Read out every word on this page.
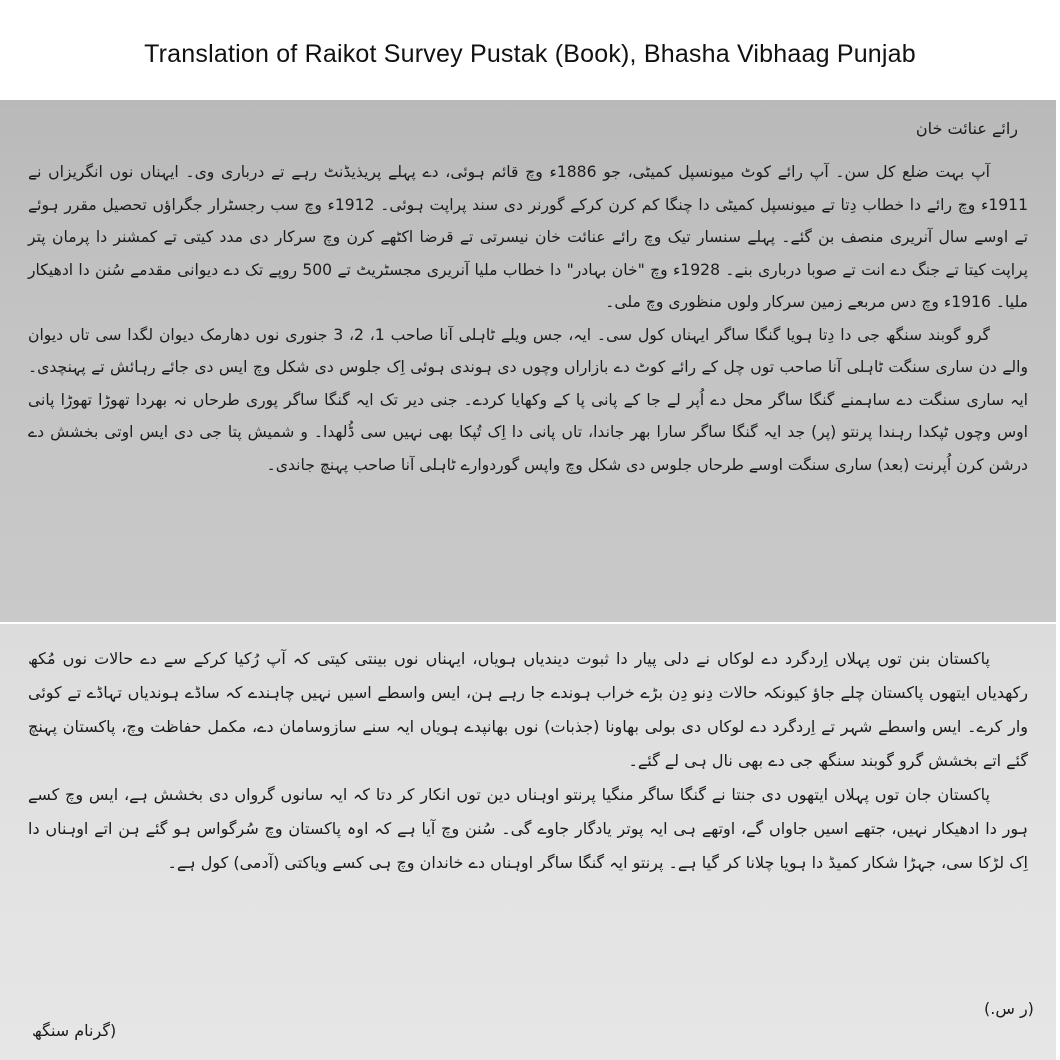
Translation of Raikot Survey Pustak (Book), Bhasha Vibhaag Punjab
رائے عنائت خان

آپ بہت ضلع کل سن۔ آپ رائے کوٹ میونسپل کمیٹی، جو 1886ء وچ قائم ہوئی، دے پہلے پریذیڈنٹ رہے تے درباری وی۔ ایہناں نوں انگریزاں نے 1911ء وچ رائے دا خطاب دِتا تے میونسپل کمیٹی دا چنگا کم کرن کرکے گورنر دی سند پراپت ہوئی۔ 1912ء وچ سب رجسٹرار جگراؤں تحصیل مقرر ہوئے تے اوسے سال آنریری منصف بن گئے۔ پہلے سنسار تیک وچ رائے عنائت خان نیسرتی تے قرضا اکٹھے کرن وچ سرکار دی مدد کیتی تے کمشنر دا پرمان پتر پراپت کیتا تے جنگ دے انت تے صوبا درباری بنے۔ 1928ء وچ "خان بہادر" دا خطاب ملیا آنریری مجسٹریٹ تے 500 روپے تک دے دیوانی مقدمے سُنن دا ادھیکار ملیا۔ 1916ء وچ دس مربعے زمین سرکار ولوں منظوری وچ ملی۔

گرو گوبند سنگھ جی دا دِتا ہویا گنگا ساگر ایہناں کول سی۔ ایہ، جس ویلے ٹاہلی آنا صاحب 1، 2، 3 جنوری نوں دھارمک دیوان لگدا سی تاں دیوان والے دن ساری سنگت ٹاہلی آنا صاحب توں چل کے رائے کوٹ دے بازاراں وچوں دی ہوندی ہوئی اِک جلوس دی شکل وچ ایس دی جائے رہائش تے پہنچدی۔ ایہ ساری سنگت دے ساہمنے گنگا ساگر محل دے اُپر لے جا کے پانی پا کے وکھایا کردے۔ جنی دیر تک ایہ گنگا ساگر پوری طرحاں نہ بھردا تھوڑا تھوڑا پانی اوس وچوں ٹپکدا رہندا پرنتو (پر) جد ایہ گنگا ساگر سارا بھر جاندا، تاں پانی دا اِک تُپکا بھی نہیں سی ڈُلھدا۔ و شمیش پتا جی دی ایس اوتی بخشش دے درشن کرن اُپرنت (بعد) ساری سنگت اوسے طرحاں جلوس دی شکل وچ واپس گوردوارے ٹاہلی آنا صاحب پہنچ جاندی۔

پاکستان بنن توں پہلاں اِردگرد دے لوکاں نے دلی پیار دا ثبوت دیندیاں ہویاں، ایہناں نوں بینتی کیتی کہ آپ رُکیا کرکے سے دے حالات نوں مُکھ رکھدیاں ایتھوں پاکستان چلے جاؤ کیونکہ حالات دِنو دِن بڑے خراب ہوندے جا رہے ہن، ایس واسطے اسیں نہیں چاہندے کہ ساڈے ہوندیاں تہاڈے تے کوئی وار کرے۔ ایس واسطے شہر تے اِردگرد دے لوکاں دی بولی بھاونا (جذبات) نوں بھانپدے ہویاں ایہ سنے سازوسامان دے، مکمل حفاظت وچ، پاکستان پہنچ گئے اتے بخشش گرو گوبند سنگھ جی دے بھی نال ہی لے گئے۔

پاکستان جان توں پہلاں ایتھوں دی جنتا نے گنگا ساگر منگیا پرنتو اوہناں دین توں انکار کر دتا کہ ایہ سانوں گرواں دی بخشش ہے، ایس وچ کسے ہور دا ادھیکار نہیں، جتھے اسیں جاواں گے، اوتھے ہی ایہ پوتر یادگار جاوے گی۔ سُنن وچ آیا ہے کہ اوہ پاکستان وچ سُرگواس ہو گئے ہن اتے اوہناں دا اِک لڑکا سی، جہڑا شکار کمیڈ دا ہویا چلانا کر گیا ہے۔ پرنتو ایہ گنگا ساگر اوہناں دے خاندان وچ ہی کسے ویاکتی (آدمی) کول ہے۔

(ر س.)
(گرنام سنگھ
